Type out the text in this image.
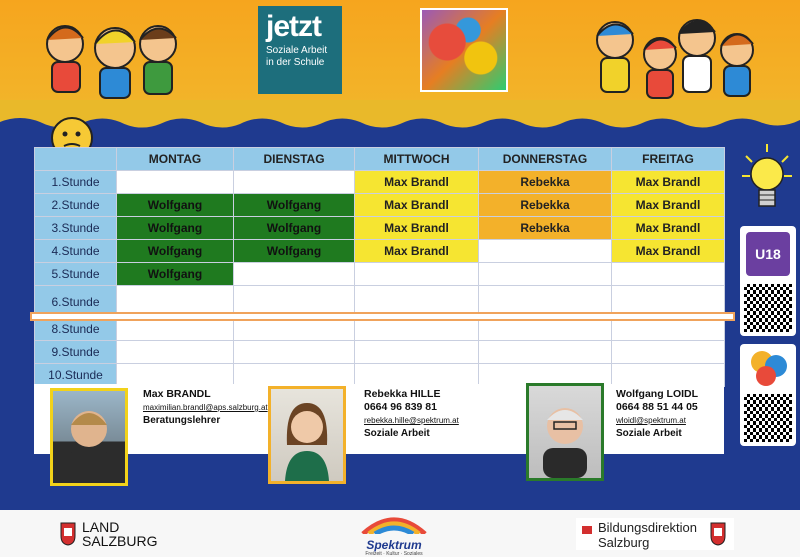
jetzt
Soziale Arbeit in der Schule
	MONTAG	DIENSTAG	MITTWOCH	DONNERSTAG	FREITAG
1.Stunde			Max Brandl	Rebekka	Max Brandl
2.Stunde	Wolfgang	Wolfgang	Max Brandl	Rebekka	Max Brandl
3.Stunde	Wolfgang	Wolfgang	Max Brandl	Rebekka	Max Brandl
4.Stunde	Wolfgang	Wolfgang	Max Brandl		Max Brandl
5.Stunde	Wolfgang				
6.Stunde					
8.Stunde					
9.Stunde					
10.Stunde					
Max BRANDL
maximilian.brandl@aps.salzburg.at
Beratungslehrer
Rebekka HILLE
0664 96 839 81
rebekka.hille@spektrum.at
Soziale Arbeit
Wolfgang LOIDL
0664 88 51 44 05
wloidl@spektrum.at
Soziale Arbeit
U18
LAND
SALZBURG	Spektrum
Freizeit · Kultur · Soziales
Bildungsdirektion
Salzburg
